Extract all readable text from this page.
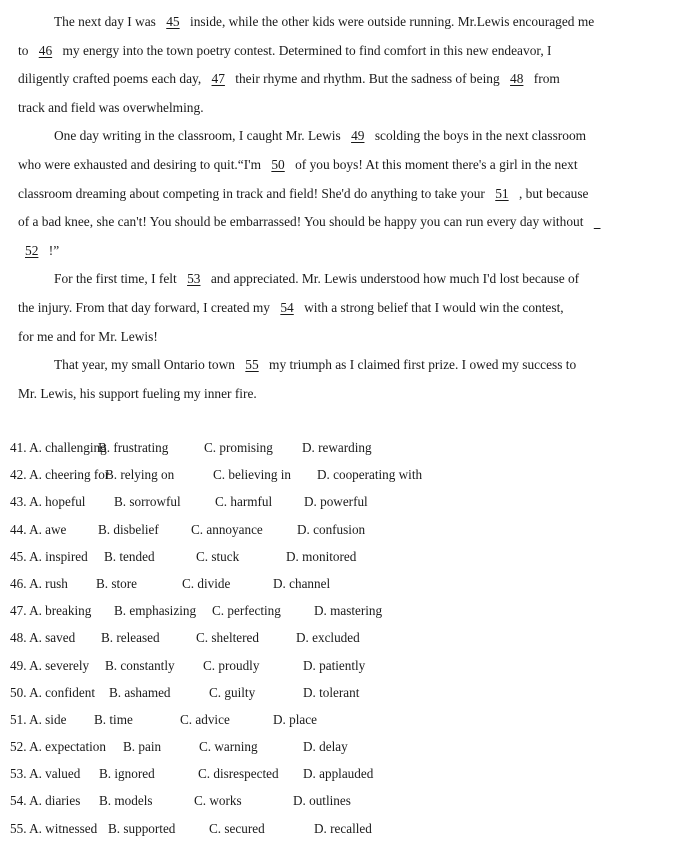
The next day I was 45 inside, while the other kids were outside running. Mr.Lewis encouraged me
to 46 my energy into the town poetry contest. Determined to find comfort in this new endeavor, I
diligently crafted poems each day, 47 their rhyme and rhythm. But the sadness of being 48 from
track and field was overwhelming.
One day writing in the classroom, I caught Mr. Lewis 49 scolding the boys in the next classroom
who were exhausted and desiring to quit.“I'm 50 of you boys! At this moment there's a girl in the next
classroom dreaming about competing in track and field! She'd do anything to take your 51 , but because
of a bad knee, she can't! You should be embarrassed! You should be happy you can run every day without
52 !”
For the first time, I felt 53 and appreciated. Mr. Lewis understood how much I'd lost because of
the injury. From that day forward, I created my 54 with a strong belief that I would win the contest,
for me and for Mr. Lewis!
That year, my small Ontario town 55 my triumph as I claimed first prize. I owed my success to
Mr. Lewis, his support fueling my inner fire.
41. A. challenging
B. frustrating	C. promising D. rewarding
42. A. cheering for
B. relying on	C. believing in D. cooperating with
43. A. hopeful B. sorrowful	C. harmful D. powerful
44. A. awe B. disbelief C. annoyance	D. confusion
45. A. inspired B. tended	C. stuck	D. monitored
46. A. rush B. store	C. divide	D. channel
47. A. breaking B. emphasizing C. perfecting	D. mastering
48. A. saved B. released	C. sheltered	D. excluded
49. A. severely B. constantly C. proudly	D. patiently
50. A. confident B. ashamed	C. guilty	D. tolerant
51. A. side B. time	C. advice	D. place
52. A. expectation B. pain	C. warning	D. delay
53. A. valued B. ignored	C. disrespected D. applauded
54. A. diaries B. models	C. works	D. outlines
55. A. witnessed B. supported	C. secured	D. recalled
